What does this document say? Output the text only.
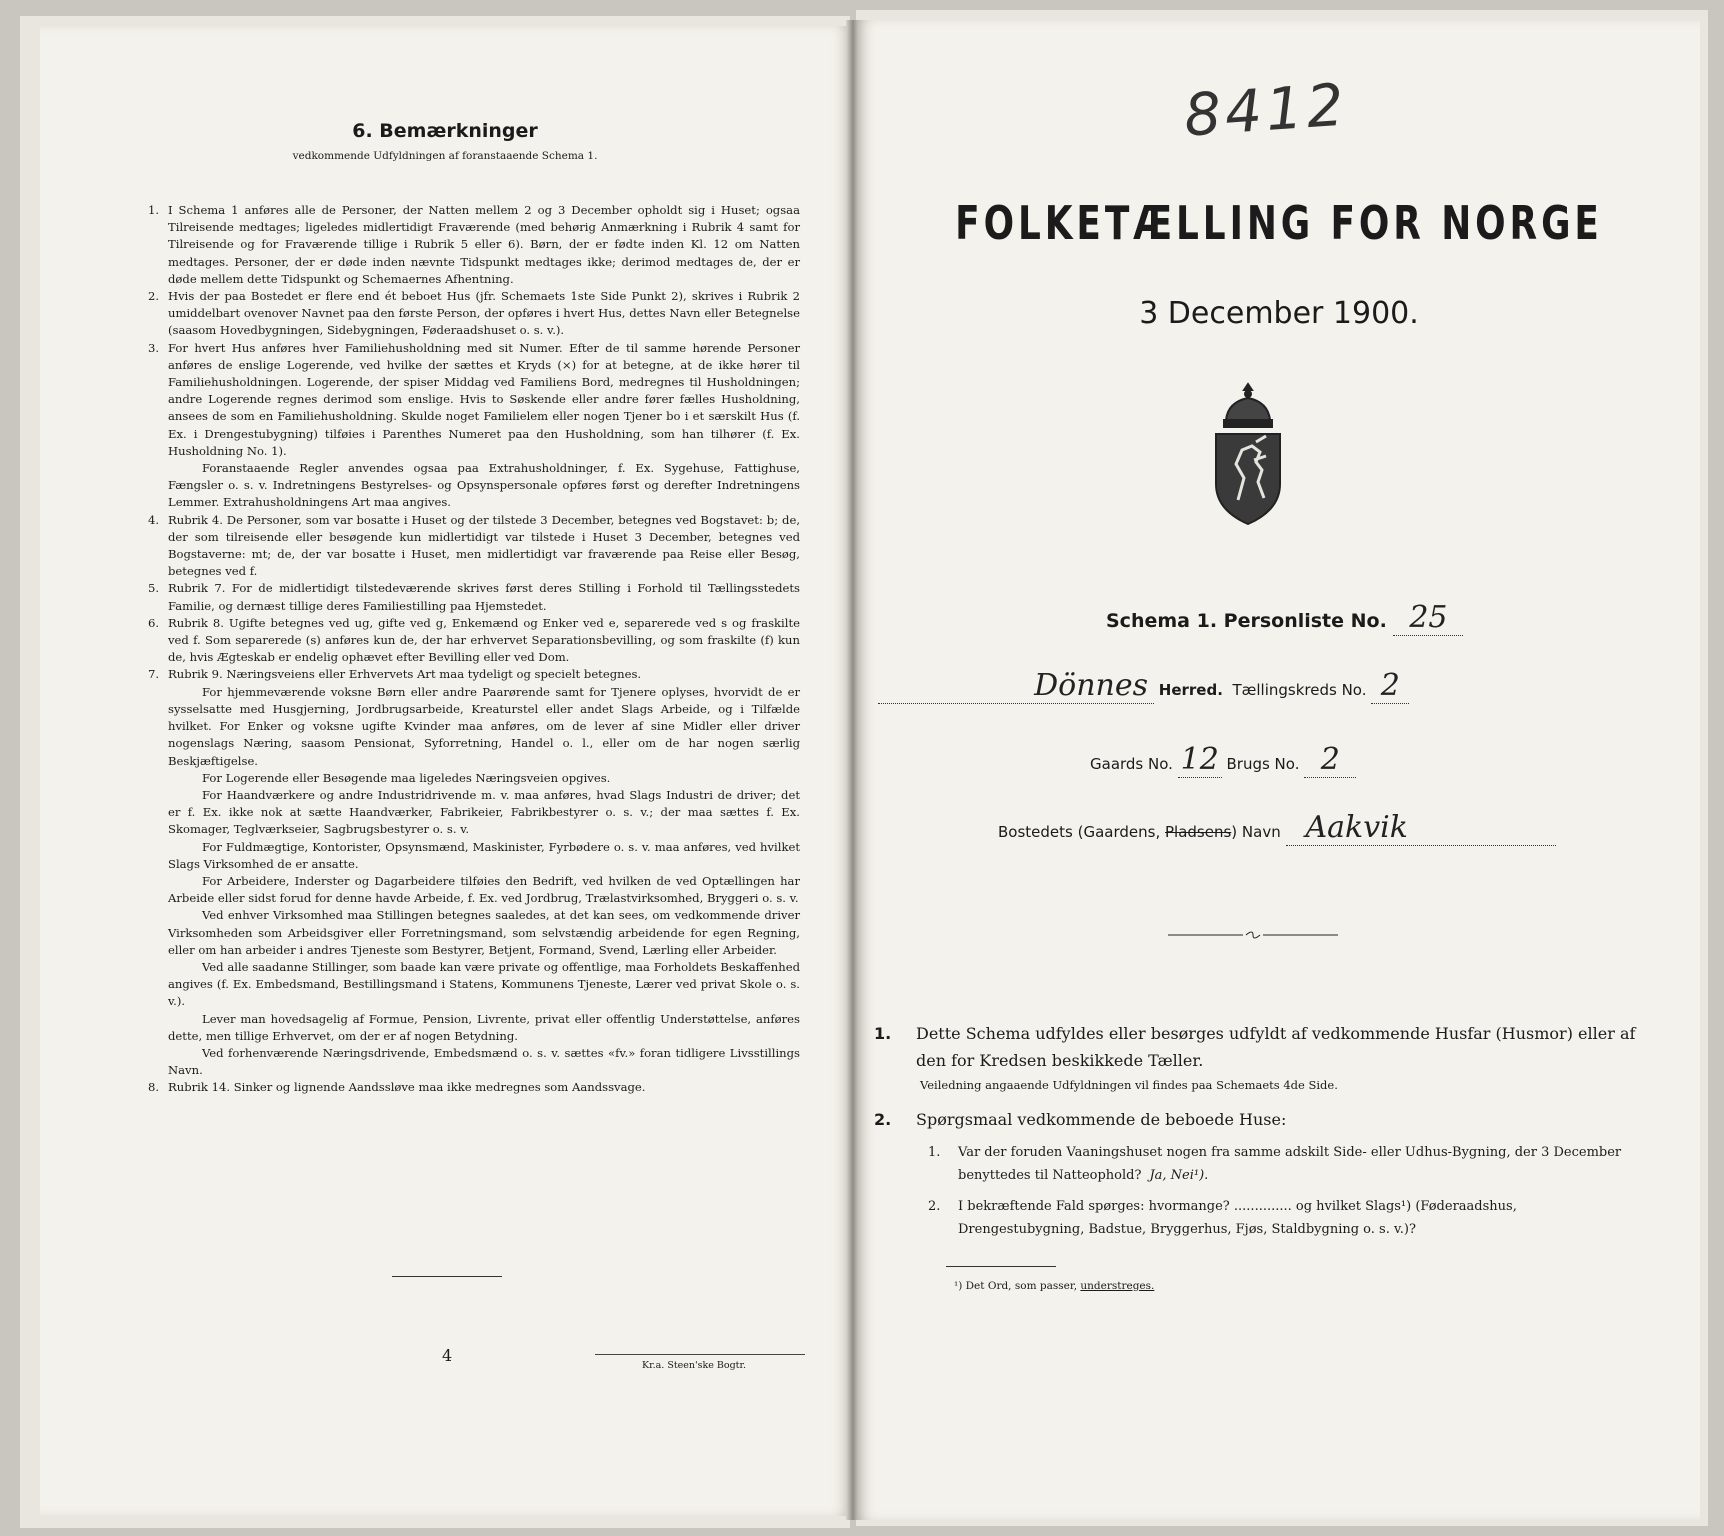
6. Bemærkninger
vedkommende Udfyldningen af foranstaaende Schema 1.
1. I Schema 1 anføres alle de Personer, der Natten mellem 2 og 3 December opholdt sig i Huset; ogsaa Tilreisende medtages; ligeledes midlertidigt Fraværende (med behørig Anmærkning i Rubrik 4 samt for Tilreisende og for Fraværende tillige i Rubrik 5 eller 6). Børn, der er fødte inden Kl. 12 om Natten medtages. Personer, der er døde inden nævnte Tidspunkt medtages ikke; derimod medtages de, der er døde mellem dette Tidspunkt og Schemaernes Afhentning.

2. Hvis der paa Bostedet er flere end ét beboet Hus (jfr. Schemaets 1ste Side Punkt 2), skrives i Rubrik 2 umiddelbart ovenover Navnet paa den første Person, der opføres i hvert Hus, dettes Navn eller Betegnelse (saasom Hovedbygningen, Sidebygningen, Føderaadshuset o. s. v.).

3. For hvert Hus anføres hver Familiehusholdning med sit Numer. Efter de til samme hørende Personer anføres de enslige Logerende, ved hvilke der sættes et Kryds (×) for at betegne, at de ikke hører til Familiehusholdningen. Logerende, der spiser Middag ved Familiens Bord, medregnes til Husholdningen; andre Logerende regnes derimod som enslige. Hvis to Søskende eller andre fører fælles Husholdning, ansees de som en Familiehusholdning. Skulde noget Familielem eller nogen Tjener bo i et særskilt Hus (f. Ex. i Drengestubygning) tilføies i Parenthes Numeret paa den Husholdning, som han tilhører (f. Ex. Husholdning No. 1).

Foranstaaende Regler anvendes ogsaa paa Extrahusholdninger, f. Ex. Sygehuse, Fattighuse, Fængsler o. s. v. Indretningens Bestyrelses- og Opsynspersonale opføres først og derefter Indretningens Lemmer. Extrahusholdningens Art maa angives.

4. Rubrik 4. De Personer, som var bosatte i Huset og der tilstede 3 December, betegnes ved Bogstavet: b; de, der som tilreisende eller besøgende kun midlertidigt var tilstede i Huset 3 December, betegnes ved Bogstaverne: mt; de, der var bosatte i Huset, men midlertidigt var fraværende paa Reise eller Besøg, betegnes ved f.

5. Rubrik 7. For de midlertidigt tilstedeværende skrives først deres Stilling i Forhold til Tællingsstedets Familie, og dernæst tillige deres Familiestilling paa Hjemstedet.

6. Rubrik 8. Ugifte betegnes ved ug, gifte ved g, Enkemænd og Enker ved e, separerede ved s og fraskilte ved f. Som separerede (s) anføres kun de, der har erhvervet Separationsbevilling, og som fraskilte (f) kun de, hvis Ægteskab er endelig ophævet efter Bevilling eller ved Dom.

7. Rubrik 9. Næringsveiens eller Erhvervets Art maa tydeligt og specielt betegnes.

For hjemmeværende voksne Børn eller andre Paarørende samt for Tjenere oplyses, hvorvidt de er sysselsatte med Husgjerning, Jordbrugsarbeide, Kreaturstel eller andet Slags Arbeide, og i Tilfælde hvilket. For Enker og voksne ugifte Kvinder maa anføres, om de lever af sine Midler eller driver nogenslags Næring, saasom Pensionat, Syforretning, Handel o. l., eller om de har nogen særlig Beskjæftigelse.

For Logerende eller Besøgende maa ligeledes Næringsveien opgives.

For Haandværkere og andre Industridrivende m. v. maa anføres, hvad Slags Industri de driver; det er f. Ex. ikke nok at sætte Haandværker, Fabrikeier, Fabrikbestyrer o. s. v.; der maa sættes f. Ex. Skomager, Teglværkseier, Sagbrugsbestyrer o. s. v.

For Fuldmægtige, Kontorister, Opsynsmænd, Maskinister, Fyrbødere o. s. v. maa anføres, ved hvilket Slags Virksomhed de er ansatte.

For Arbeidere, Inderster og Dagarbeidere tilføies den Bedrift, ved hvilken de ved Optællingen har Arbeide eller sidst forud for denne havde Arbeide, f. Ex. ved Jordbrug, Trælastvirksomhed, Bryggeri o. s. v.

Ved enhver Virksomhed maa Stillingen betegnes saaledes, at det kan sees, om vedkommende driver Virksomheden som Arbeidsgiver eller Forretningsmand, som selvstændig arbeidende for egen Regning, eller om han arbeider i andres Tjeneste som Bestyrer, Betjent, Formand, Svend, Lærling eller Arbeider.

Ved alle saadanne Stillinger, som baade kan være private og offentlige, maa Forholdets Beskaffenhed angives (f. Ex. Embedsmand, Bestillingsmand i Statens, Kommunens Tjeneste, Lærer ved privat Skole o. s. v.).

Lever man hovedsagelig af Formue, Pension, Livrente, privat eller offentlig Understøttelse, anføres dette, men tillige Erhvervet, om der er af nogen Betydning.

Ved forhenværende Næringsdrivende, Embedsmænd o. s. v. sættes «fv.» foran tidligere Livsstillings Navn.

8. Rubrik 14. Sinker og lignende Aandssløve maa ikke medregnes som Aandssvage.

4
Kr.a. Steen'ske Bogtr.
8412
FOLKETÆLLING FOR NORGE
3 December 1900.
Schema 1. Personliste No. 25
Dönnes Herred. Tællingskreds No. 2
Gaards No. 12 Brugs No. 2
Bostedets (Gaardens, Pladsens) Navn Aakvik
1. Dette Schema udfyldes eller besørges udfyldt af vedkommende Husfar (Husmor) eller af den for Kredsen beskikkede Tæller.
Veiledning angaaende Udfyldningen vil findes paa Schemaets 4de Side.
2. Spørgsmaal vedkommende de beboede Huse:
1. Var der foruden Vaaningshuset nogen fra samme adskilt Side- eller Udhus-Bygning, der 3 December benyttedes til Natteophold? Ja, Nei¹).
2. I bekræftende Fald spørges: hvormange? .............. og hvilket Slags¹) (Føderaadshus, Drengestubygning, Badstue, Bryggerhus, Fjøs, Staldbygning o. s. v.)?
¹) Det Ord, som passer, understreges.
